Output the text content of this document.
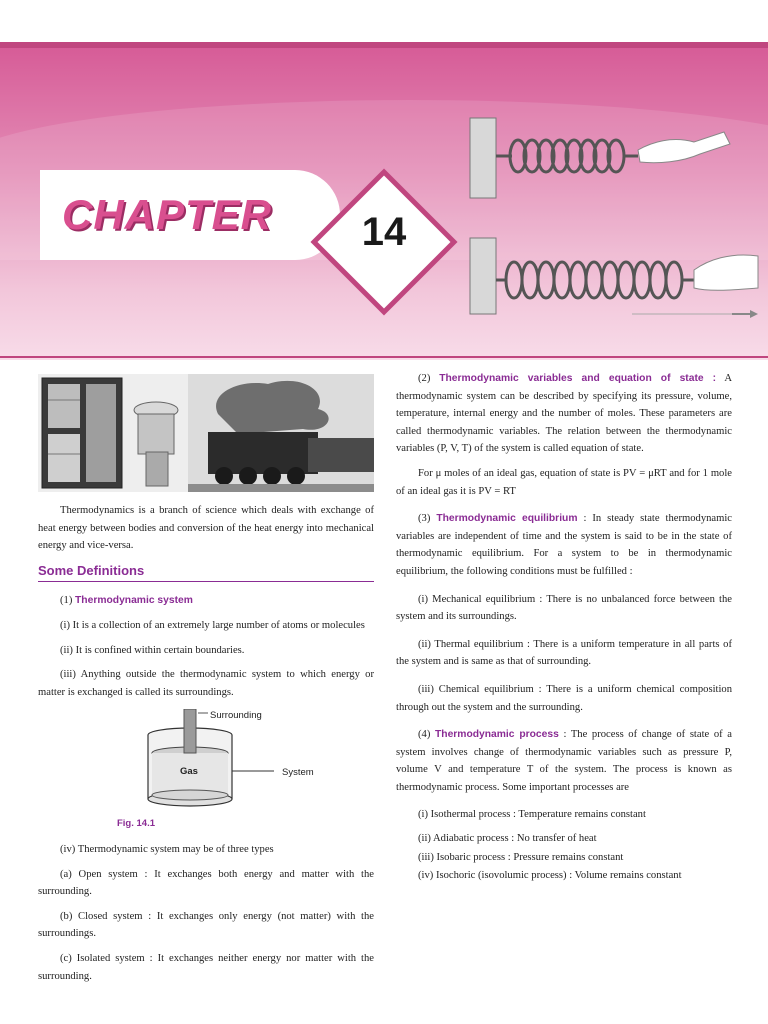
CHAPTER	14

Thermodynamics is a branch of science which deals with exchange of heat energy between bodies and conversion of the heat energy into mechanical energy and vice-versa.

Some Definitions

(1) Thermodynamic system

(i) It is a collection of an extremely large number of atoms or molecules

(ii) It is confined within certain boundaries.

(iii) Anything outside the thermodynamic system to which energy or matter is exchanged is called its surroundings.

Surrounding
Gas	System
Fig. 14.1

(iv) Thermodynamic system may be of three types

(a) Open system : It exchanges both energy and matter with the surrounding.

(b) Closed system : It exchanges only energy (not matter) with the surroundings.

(c) Isolated system : It exchanges neither energy nor matter with the surrounding.

(2) Thermodynamic variables and equation of state : A thermodynamic system can be described by specifying its pressure, volume, temperature, internal energy and the number of moles. These parameters are called thermodynamic variables. The relation between the thermodynamic variables (P, V, T) of the system is called equation of state.

For μ moles of an ideal gas, equation of state is PV = μRT and for 1 mole of an ideal gas it is PV = RT

(3) Thermodynamic equilibrium : In steady state thermodynamic variables are independent of time and the system is said to be in the state of thermodynamic equilibrium. For a system to be in thermodynamic equilibrium, the following conditions must be fulfilled :

(i) Mechanical equilibrium : There is no unbalanced force between the system and its surroundings.

(ii) Thermal equilibrium : There is a uniform temperature in all parts of the system and is same as that of surrounding.

(iii) Chemical equilibrium : There is a uniform chemical composition through out the system and the surrounding.

(4) Thermodynamic process : The process of change of state of a system involves change of thermodynamic variables such as pressure P, volume V and temperature T of the system. The process is known as thermodynamic process. Some important processes are

(i) Isothermal process : Temperature remains constant

(ii) Adiabatic process : No transfer of heat

(iii) Isobaric process : Pressure remains constant

(iv) Isochoric (isovolumic process) : Volume remains constant
